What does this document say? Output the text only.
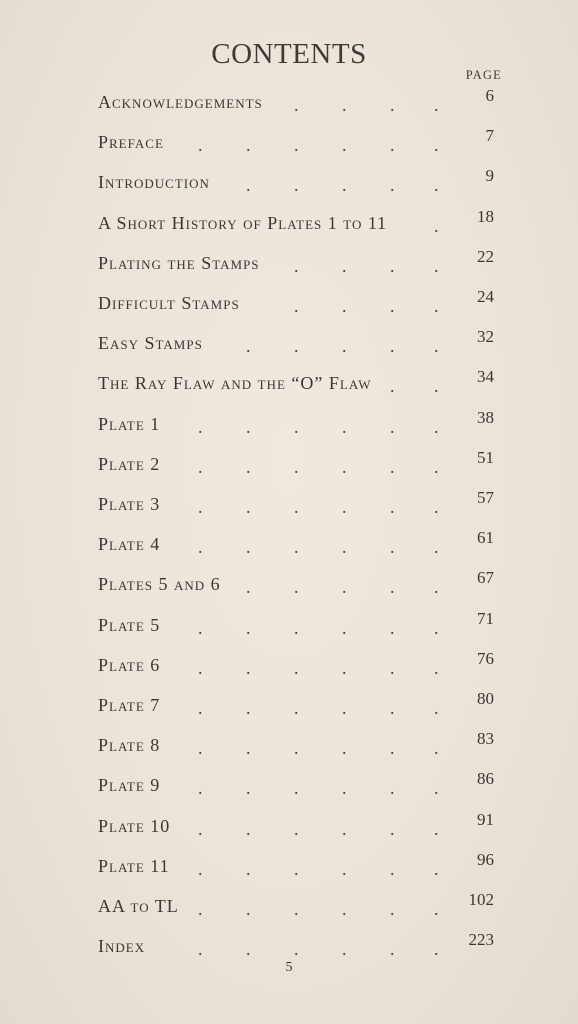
CONTENTS
PAGE
Acknowledgements . . . .	6
Preface . . . . . .	7
Introduction . . . . .	9
A Short History of Plates 1 to 11	. 18
Plating the Stamps . . . . 22
Difficult Stamps	. . . . 24
Easy Stamps . . . . . 32
The Ray Flaw and the “O” Flaw . . 34
Plate 1 . . . . . . 38
Plate 2 . . . . . . 51
Plate 3 . . . . . . 57
Plate 4 . . . . . . 61
Plates 5 and 6 . . . . . 67
Plate 5 . . . . . . 71
Plate 6 . . . . . . 76
Plate 7 . . . . . . 80
Plate 8 . . . . . . 83
Plate 9 . . . . . . 86
Plate 10 . . . . . . 91
Plate 11 . . . . . . 96
AA to TL . . . . . . 102
Index	. . . . . . 223
5
